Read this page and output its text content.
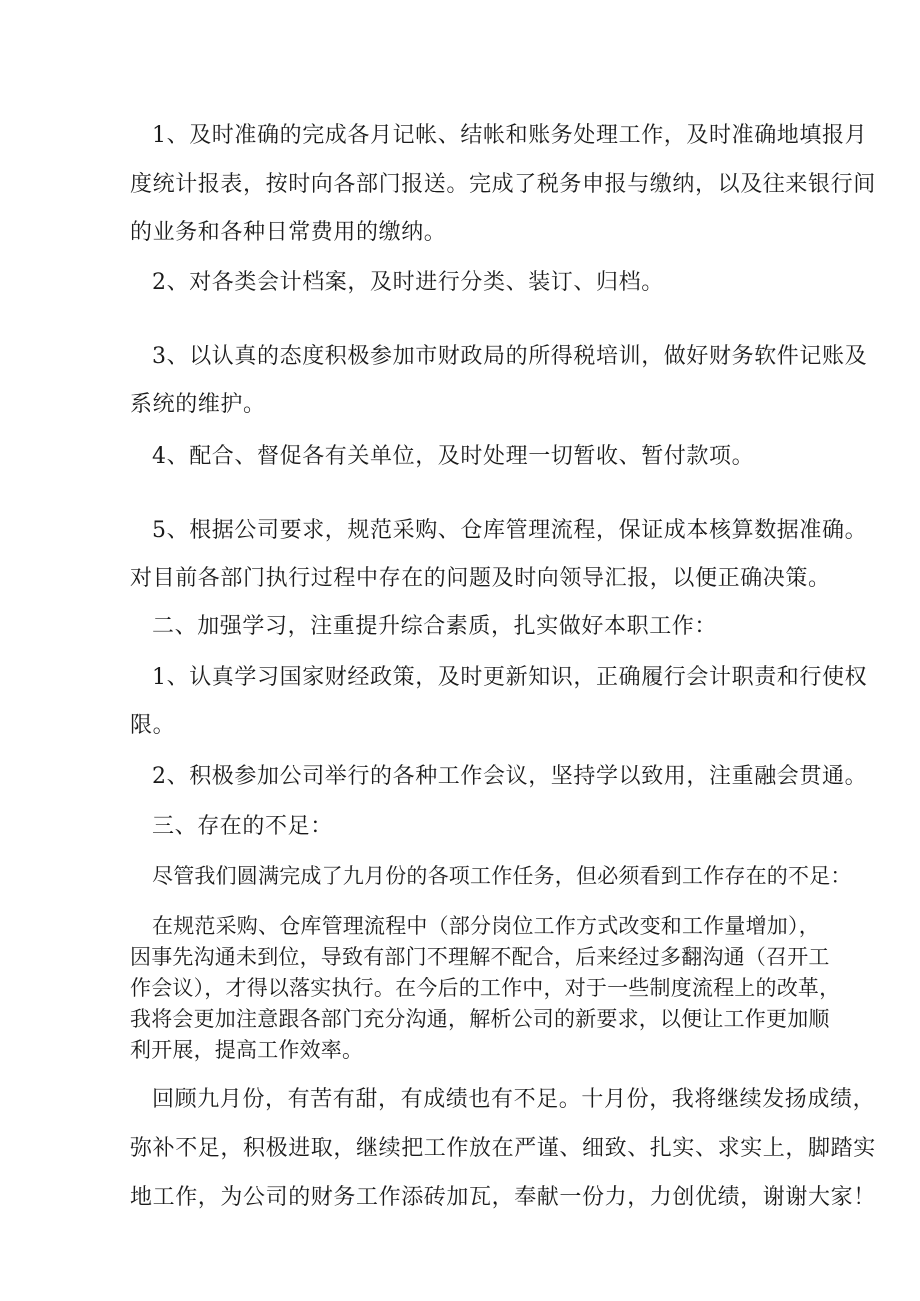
1、及时准确的完成各月记帐、结帐和账务处理工作，及时准确地填报月

度统计报表，按时向各部门报送。完成了税务申报与缴纳，以及往来银行间

的业务和各种日常费用的缴纳。

2、对各类会计档案，及时进行分类、装订、归档。

3、以认真的态度积极参加市财政局的所得税培训，做好财务软件记账及

系统的维护。

4、配合、督促各有关单位，及时处理一切暂收、暂付款项。

5、根据公司要求，规范采购、仓库管理流程，保证成本核算数据准确。

对目前各部门执行过程中存在的问题及时向领导汇报，以便正确决策。

二、加强学习，注重提升综合素质，扎实做好本职工作：

1、认真学习国家财经政策，及时更新知识，正确履行会计职责和行使权

限。

2、积极参加公司举行的各种工作会议，坚持学以致用，注重融会贯通。

三、存在的不足：

尽管我们圆满完成了九月份的各项工作任务，但必须看到工作存在的不足：

在规范采购、仓库管理流程中（部分岗位工作方式改变和工作量增加），

因事先沟通未到位，导致有部门不理解不配合，后来经过多翻沟通（召开工

作会议），才得以落实执行。在今后的工作中，对于一些制度流程上的改革，

我将会更加注意跟各部门充分沟通，解析公司的新要求，以便让工作更加顺

利开展，提高工作效率。

回顾九月份，有苦有甜，有成绩也有不足。十月份，我将继续发扬成绩，

弥补不足，积极进取，继续把工作放在严谨、细致、扎实、求实上，脚踏实

地工作，为公司的财务工作添砖加瓦，奉献一份力，力创优绩，谢谢大家！
